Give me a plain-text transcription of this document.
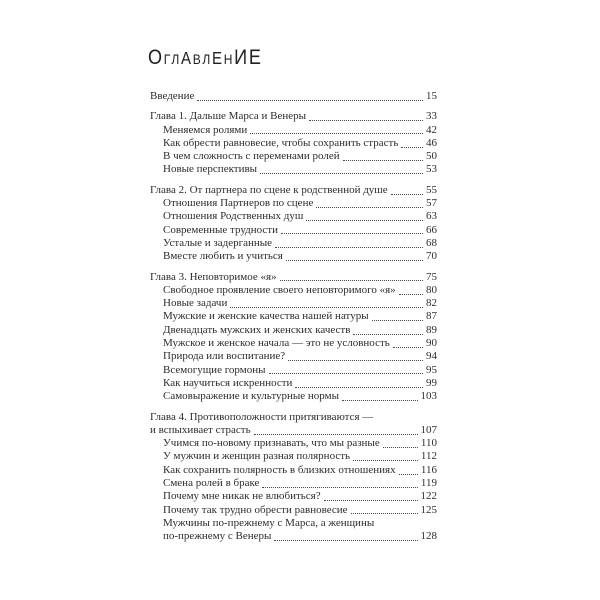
О ГЛ А ВЛ Е Н И Е
Введение	15
Глава 1. Дальше Марса и Венеры	33
Меняемся ролями	42
Как обрести равновесие, чтобы сохранить страсть	46
В чем сложность с переменами ролей	50
Новые перспективы	53
Глава 2. От партнера по сцене к родственной душе	55
Отношения Партнеров по сцене	57
Отношения Родственных душ	63
Современные трудности	66
Усталые и задерганные	68
Вместе любить и учиться	70
Глава 3. Неповторимое «я»	75
Свободное проявление своего неповторимого «я»	80
Новые задачи	82
Мужские и женские качества нашей натуры	87
Двенадцать мужских и женских качеств	89
Мужское и женское начала — это не условность	90
Природа или воспитание?	94
Всемогущие гормоны	95
Как научиться искренности	99
Самовыражение и культурные нормы	103
Глава 4. Противоположности притягиваются —
и вспыхивает страсть	107
Учимся по-новому признавать, что мы разные	110
У мужчин и женщин разная полярность	112
Как сохранить полярность в близких отношениях 116
Смена ролей в браке	119
Почему мне никак не влюбиться?	122
Почему так трудно обрести равновесие	125
Мужчины по-прежнему с Марса, а женщины
по-прежнему с Венеры	128
